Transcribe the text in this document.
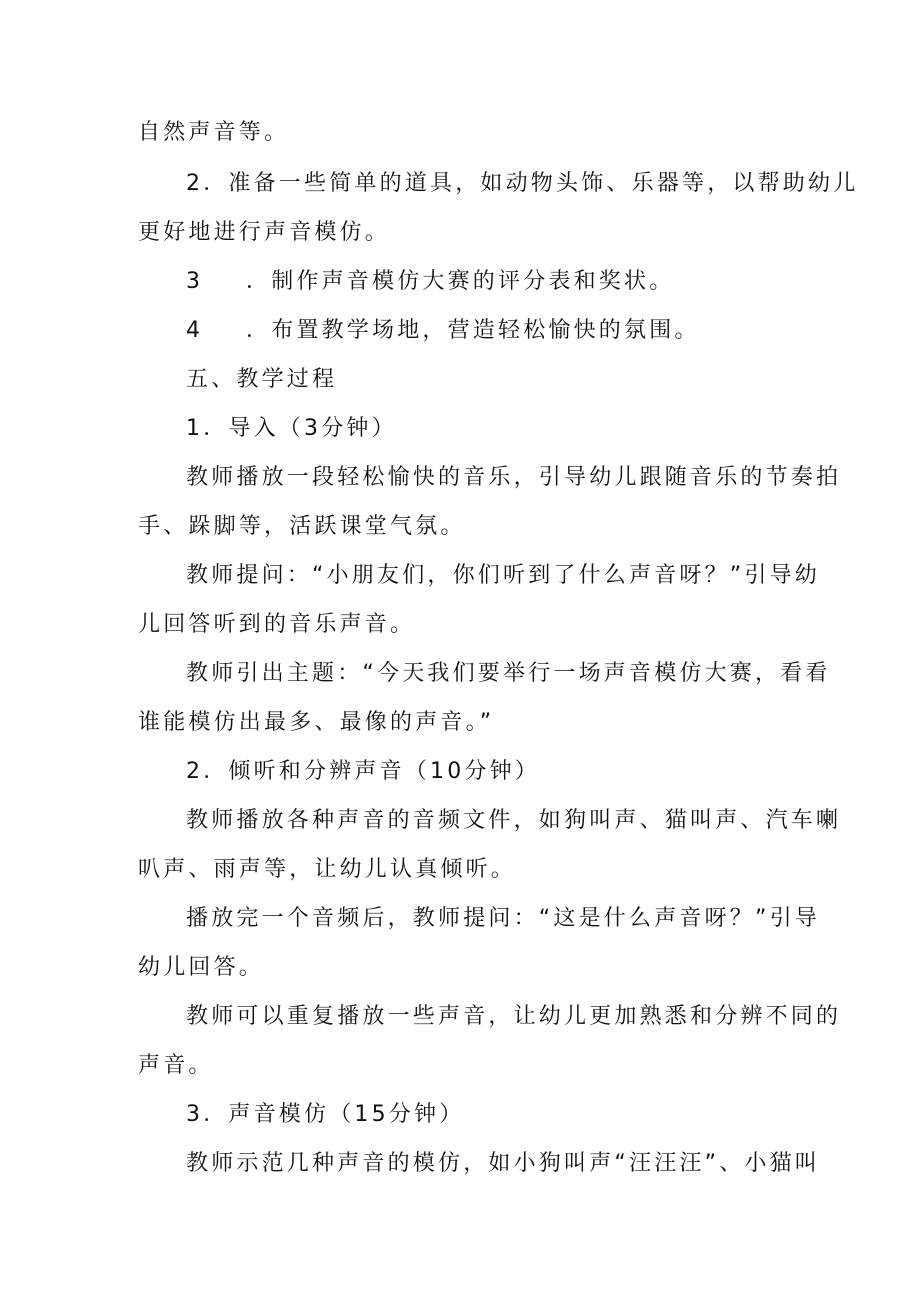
自然声音等。
2．准备一些简单的道具，如动物头饰、乐器等，以帮助幼儿
更好地进行声音模仿。
3 ．制作声音模仿大赛的评分表和奖状。
4 ．布置教学场地，营造轻松愉快的氛围。
五、教学过程
1．导入（3分钟）
教师播放一段轻松愉快的音乐，引导幼儿跟随音乐的节奏拍
手、跺脚等，活跃课堂气氛。
教师提问：“小朋友们，你们听到了什么声音呀？”引导幼
儿回答听到的音乐声音。
教师引出主题：“今天我们要举行一场声音模仿大赛，看看
谁能模仿出最多、最像的声音。”
2．倾听和分辨声音（10分钟）
教师播放各种声音的音频文件，如狗叫声、猫叫声、汽车喇
叭声、雨声等，让幼儿认真倾听。
播放完一个音频后，教师提问：“这是什么声音呀？”引导
幼儿回答。
教师可以重复播放一些声音，让幼儿更加熟悉和分辨不同的
声音。
3．声音模仿（15分钟）
教师示范几种声音的模仿，如小狗叫声“汪汪汪”、小猫叫
